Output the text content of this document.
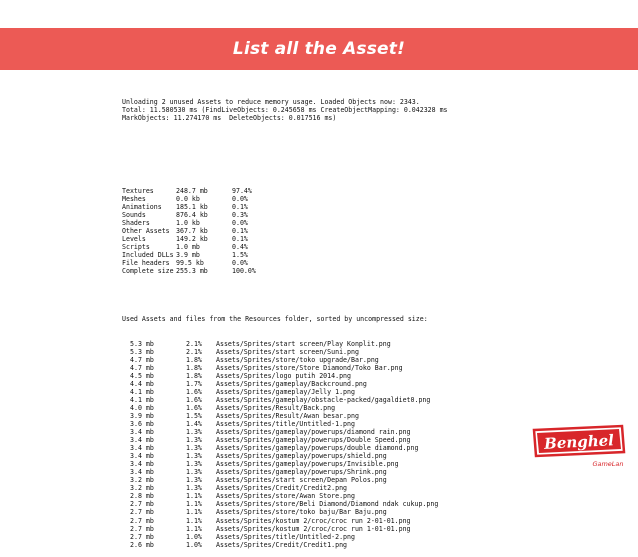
List all the Asset!

Unloading 2 unused Assets to reduce memory usage. Loaded Objects now: 2343.
Total: 11.580530 ms (FindLiveObjects: 0.245658 ms CreateObjectMapping: 0.042328 ms
MarkObjects: 11.274170 ms  DeleteObjects: 0.017516 ms)

Textures	248.7 mb	97.4%
Meshes	0.0 kb	0.0%
Animations 185.1 kb	0.1%
Sounds	876.4 kb	0.3%
Shaders	1.0 kb	0.0%
Other Assets 367.7 kb	0.1%
Levels	149.2 kb	0.1%
Scripts	1.0 mb	0.4%
Included DLLs 3.9 mb	1.5%
File headers 99.5 kb	0.0%
Complete size 255.3 mb	100.0%

Used Assets and files from the Resources folder, sorted by uncompressed size:

5.3 mb	2.1% Assets/Sprites/start screen/Play Konplit.png
5.3 mb	2.1% Assets/Sprites/start screen/Suni.png
4.7 mb	1.8% Assets/Sprites/store/toko upgrade/Bar.png
4.7 mb	1.8% Assets/Sprites/store/Store Diamond/Toko Bar.png
4.5 mb	1.8% Assets/Sprites/logo putih 2014.png
4.4 mb	1.7% Assets/Sprites/gameplay/Backcround.png
4.1 mb	1.6% Assets/Sprites/gameplay/Jelly 1.png
4.1 mb	1.6% Assets/Sprites/gameplay/obstacle-packed/gagaldiet0.png
4.0 mb	1.6% Assets/Sprites/Result/Back.png
3.9 mb	1.5% Assets/Sprites/Result/Awan besar.png
3.6 mb	1.4% Assets/Sprites/title/Untitled-1.png
3.4 mb	1.3% Assets/Sprites/gameplay/powerups/diamond rain.png
3.4 mb	1.3% Assets/Sprites/gameplay/powerups/Double Speed.png
3.4 mb	1.3% Assets/Sprites/gameplay/powerups/double diamond.png
3.4 mb	1.3% Assets/Sprites/gameplay/powerups/shield.png
3.4 mb	1.3% Assets/Sprites/gameplay/powerups/Invisible.png
3.4 mb	1.3% Assets/Sprites/gameplay/powerups/Shrink.png
3.2 mb	1.3% Assets/Sprites/start screen/Depan Polos.png
3.2 mb	1.3% Assets/Sprites/Credit/Credit2.png
2.8 mb	1.1% Assets/Sprites/store/Awan Store.png
2.7 mb	1.1% Assets/Sprites/store/Beli Diamond/Diamond ndak cukup.png
2.7 mb	1.1% Assets/Sprites/store/toko baju/Bar Baju.png
2.7 mb	1.1% Assets/Sprites/kostum 2/croc/croc run 2-01-01.png
2.7 mb	1.1% Assets/Sprites/kostum 2/croc/croc run 1-01-01.png
2.7 mb	1.0% Assets/Sprites/title/Untitled-2.png
2.6 mb	1.0% Assets/Sprites/Credit/Credit1.png

Benghel
GameLan
